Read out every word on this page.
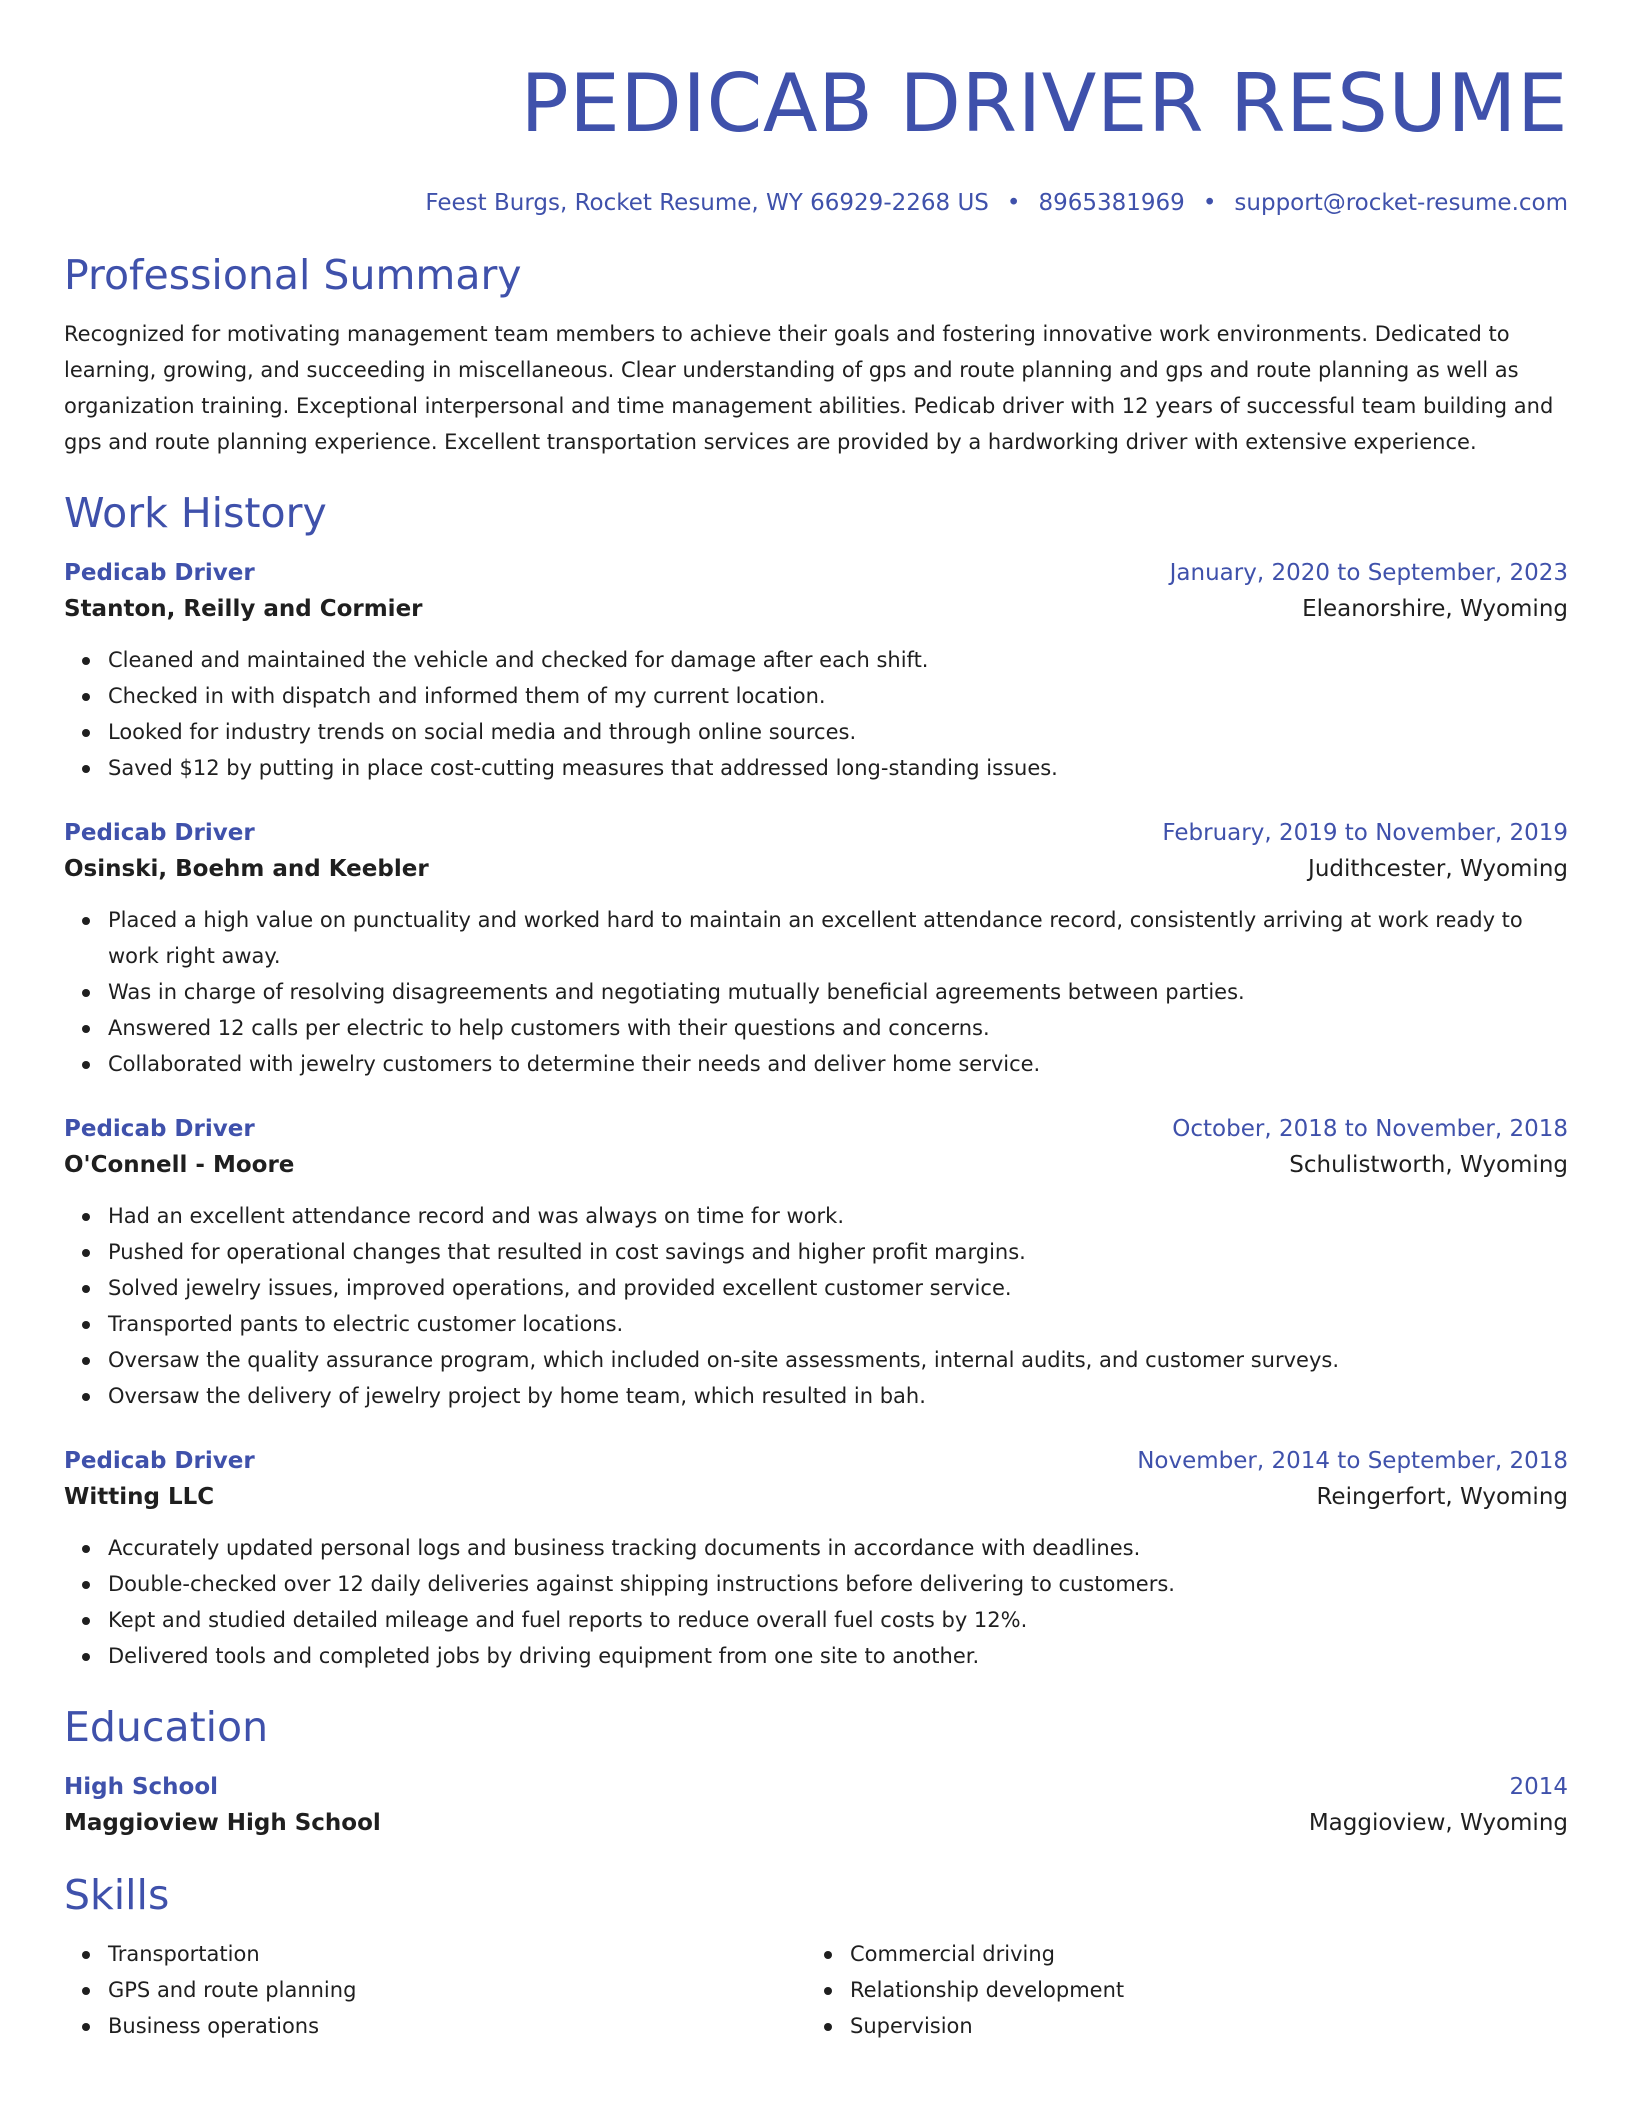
PEDICAB DRIVER RESUME
Feest Burgs, Rocket Resume, WY 66929-2268 US • 8965381969 • support@rocket-resume.com
Professional Summary

Recognized for motivating management team members to achieve their goals and fostering innovative work environments. Dedicated to learning, growing, and succeeding in miscellaneous. Clear understanding of gps and route planning and gps and route planning as well as organization training. Exceptional interpersonal and time management abilities. Pedicab driver with 12 years of successful team building and gps and route planning experience. Excellent transportation services are provided by a hardworking driver with extensive experience.

Work History
Pedicab Driver	January, 2020 to September, 2023
Stanton, Reilly and Cormier	Eleanorshire, Wyoming
Cleaned and maintained the vehicle and checked for damage after each shift.
Checked in with dispatch and informed them of my current location.
Looked for industry trends on social media and through online sources.
Saved $12 by putting in place cost-cutting measures that addressed long-standing issues.
Pedicab Driver	February, 2019 to November, 2019
Osinski, Boehm and Keebler	Judithcester, Wyoming
Placed a high value on punctuality and worked hard to maintain an excellent attendance record, consistently arriving at work ready to work right away.
Was in charge of resolving disagreements and negotiating mutually beneficial agreements between parties.
Answered 12 calls per electric to help customers with their questions and concerns.
Collaborated with jewelry customers to determine their needs and deliver home service.
Pedicab Driver	October, 2018 to November, 2018
O'Connell - Moore	Schulistworth, Wyoming
Had an excellent attendance record and was always on time for work.
Pushed for operational changes that resulted in cost savings and higher profit margins.
Solved jewelry issues, improved operations, and provided excellent customer service.
Transported pants to electric customer locations.
Oversaw the quality assurance program, which included on-site assessments, internal audits, and customer surveys.
Oversaw the delivery of jewelry project by home team, which resulted in bah.
Pedicab Driver	November, 2014 to September, 2018
Witting LLC	Reingerfort, Wyoming
Accurately updated personal logs and business tracking documents in accordance with deadlines.
Double-checked over 12 daily deliveries against shipping instructions before delivering to customers.
Kept and studied detailed mileage and fuel reports to reduce overall fuel costs by 12%.
Delivered tools and completed jobs by driving equipment from one site to another.
Education
High School	2014
Maggioview High School	Maggioview, Wyoming
Skills
Transportation
GPS and route planning
Business operations
Commercial driving
Relationship development
Supervision
